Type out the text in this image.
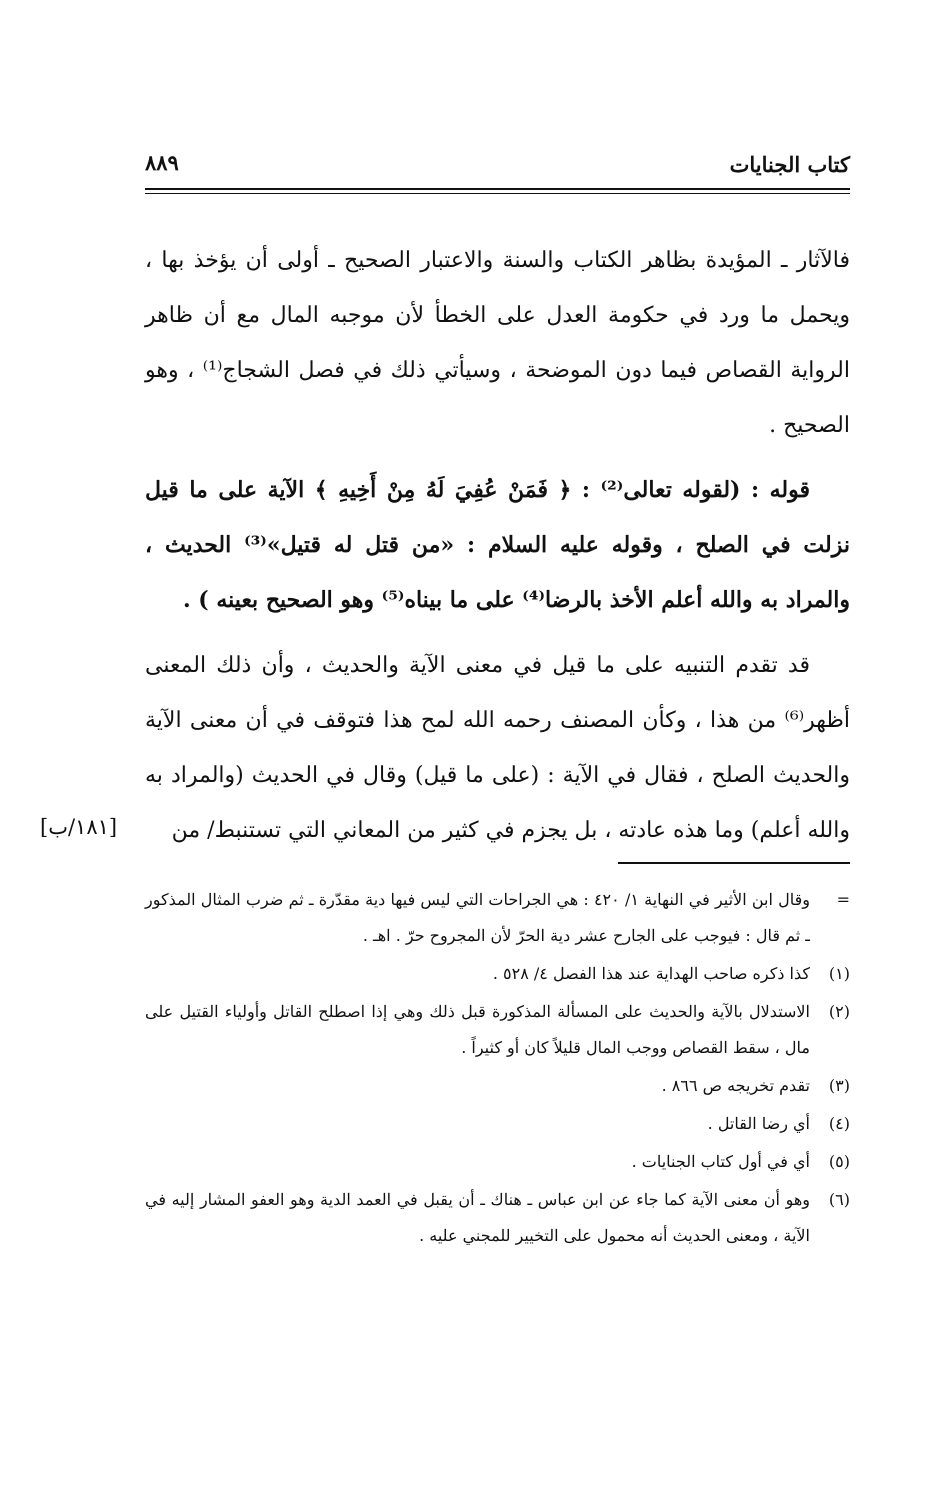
كتاب الجنايات
٨٨٩

فالآثار ـ المؤيدة بظاهر الكتاب والسنة والاعتبار الصحيح ـ أولى أن يؤخذ بها ، ويحمل ما ورد في حكومة العدل على الخطأ لأن موجبه المال مع أن ظاهر الرواية القصاص فيما دون الموضحة ، وسيأتي ذلك في فصل الشجاج⁽¹⁾ ، وهو الصحيح .

قوله : (لقوله تعالى⁽²⁾ : ﴿ فَمَنْ عُفِيَ لَهُ مِنْ أَخِيهِ ﴾ الآية على ما قيل نزلت في الصلح ، وقوله عليه السلام : «من قتل له قتيل»⁽³⁾ الحديث ، والمراد به والله أعلم الأخذ بالرضا⁽⁴⁾ على ما بيناه⁽⁵⁾ وهو الصحيح بعينه ) .

قد تقدم التنبيه على ما قيل في معنى الآية والحديث ، وأن ذلك المعنى أظهر⁽⁶⁾ من هذا ، وكأن المصنف رحمه الله لمح هذا فتوقف في أن معنى الآية والحديث الصلح ، فقال في الآية : (على ما قيل) وقال في الحديث (والمراد به والله أعلم) وما هذه عادته ، بل يجزم في كثير من المعاني التي تستنبط/ من

[١٨١/ب]
=
وقال ابن الأثير في النهاية ١/ ٤٢٠ : هي الجراحات التي ليس فيها دية مقدّرة ـ ثم ضرب المثال المذكور ـ ثم قال : فيوجب على الجارح عشر دية الحرّ لأن المجروح حرّ . اهـ .
(١)
كذا ذكره صاحب الهداية عند هذا الفصل ٤/ ٥٢٨ .
(٢)
الاستدلال بالآية والحديث على المسألة المذكورة قبل ذلك وهي إذا اصطلح القاتل وأولياء القتيل على مال ، سقط القصاص ووجب المال قليلاً كان أو كثيراً .
(٣)
تقدم تخريجه ص ٨٦٦ .
(٤)
أي رضا القاتل .
(٥)
أي في أول كتاب الجنايات .
(٦)
وهو أن معنى الآية كما جاء عن ابن عباس ـ هناك ـ أن يقبل في العمد الدية وهو العفو المشار إليه في الآية ، ومعنى الحديث أنه محمول على التخيير للمجني عليه .
